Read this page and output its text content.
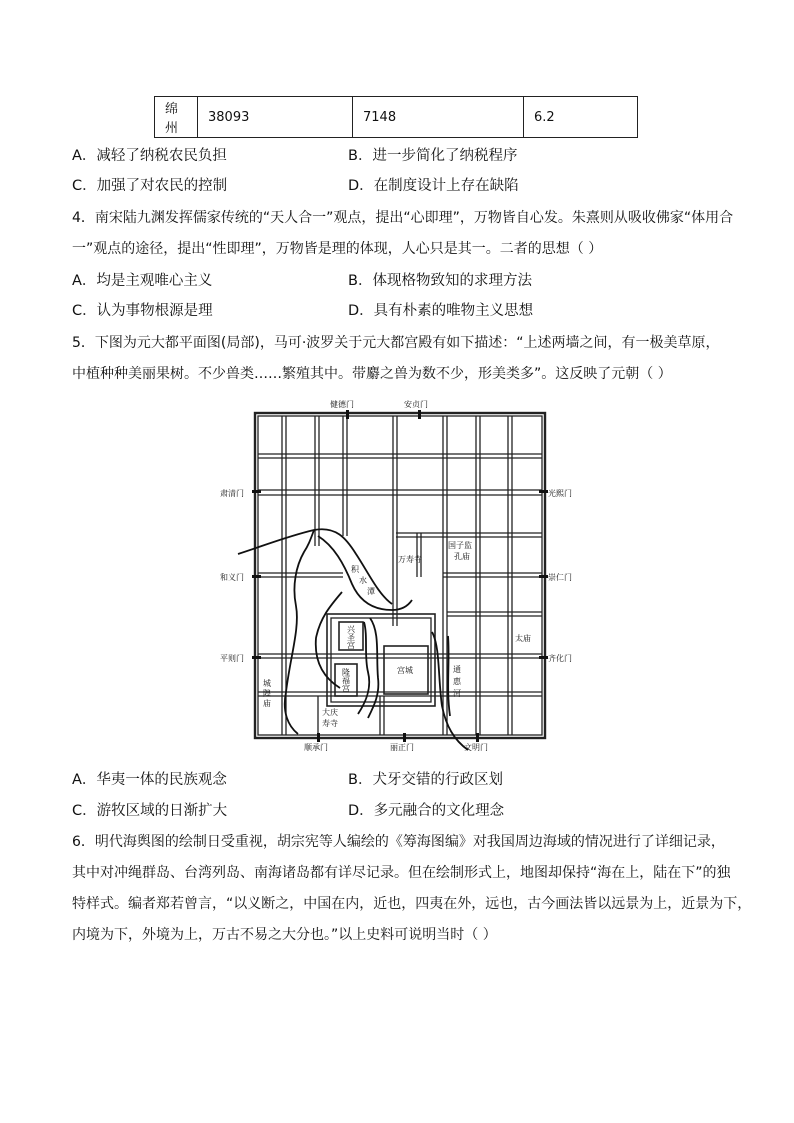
绵州	38093	7148	6.2
A．减轻了纳税农民负担	B．进一步简化了纳税程序
C．加强了对农民的控制	D．在制度设计上存在缺陷
4．南宋陆九渊发挥儒家传统的“天人合一”观点，提出“心即理”，万物皆自心发。朱熹则从吸收佛家“体用合
一”观点的途径，提出“性即理”，万物皆是理的体现，人心只是其一。二者的思想（ ）
A．均是主观唯心主义	B．体现格物致知的求理方法
C．认为事物根源是理	D．具有朴素的唯物主义思想
5．下图为元大都平面图(局部)，马可·波罗关于元大都宫殿有如下描述：“上述两墙之间，有一极美草原，
中植种种美丽果树。不少兽类……繁殖其中。带麝之兽为数不少，形美类多”。这反映了元朝（ ）
健德门	安贞门
肃清门	光熙门
和义门	崇仁门
平则门	齐化门
顺承门	丽正门	文明门
万寿寺
国子监
孔庙
积
水
潭
兴
圣
宫
隆
福
宫
宫城
太庙
城
隍
庙
大庆
寿寺
通
惠
河
A．华夷一体的民族观念	B．犬牙交错的行政区划
C．游牧区域的日渐扩大	D．多元融合的文化理念
6．明代海舆图的绘制日受重视，胡宗宪等人编绘的《筹海图编》对我国周边海域的情况进行了详细记录，
其中对冲绳群岛、台湾列岛、南海诸岛都有详尽记录。但在绘制形式上，地图却保持“海在上，陆在下”的独
特样式。编者郑若曾言，“以义断之，中国在内，近也，四夷在外，远也，古今画法皆以远景为上，近景为下，
内境为下，外境为上，万古不易之大分也。”以上史料可说明当时（ ）
